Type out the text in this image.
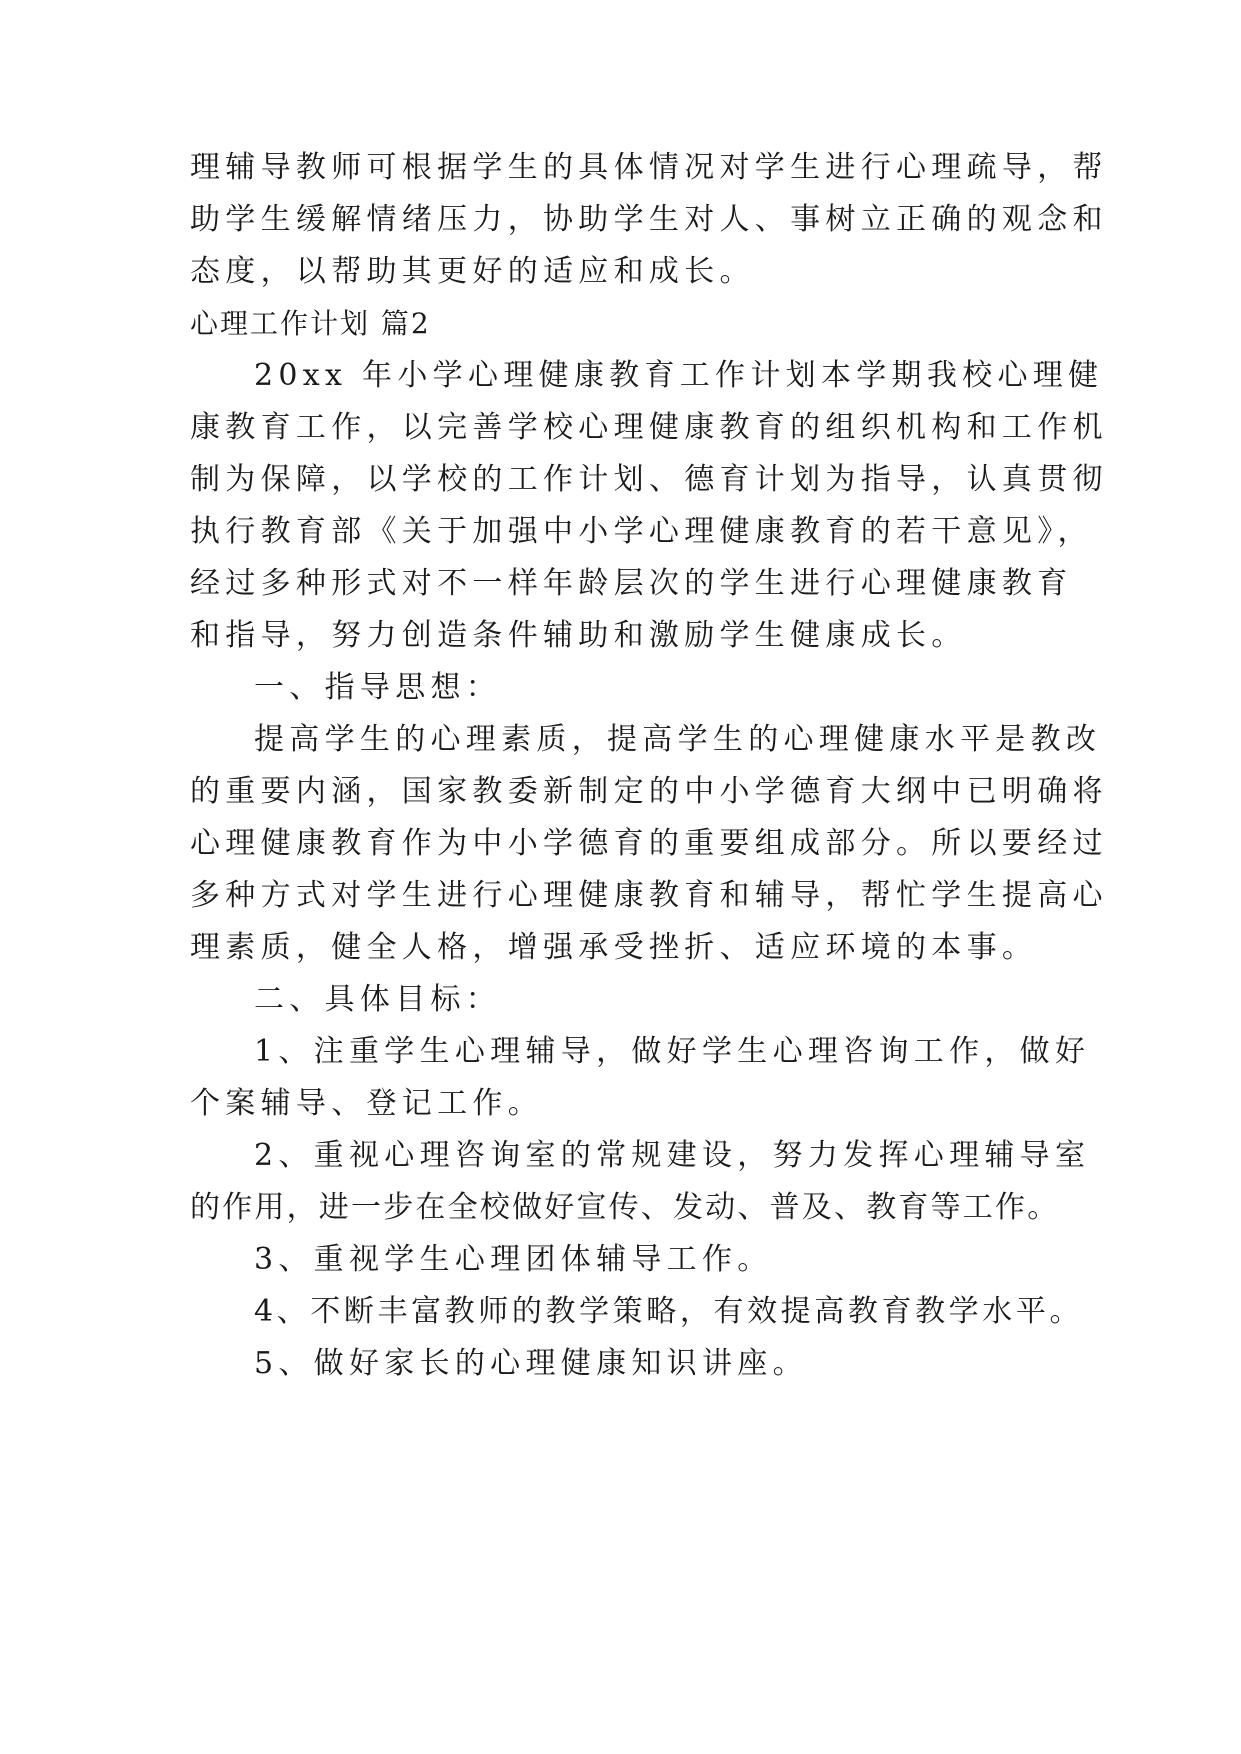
理辅导教师可根据学生的具体情况对学生进行心理疏导，帮
助学生缓解情绪压力，协助学生对人、事树立正确的观念和
态度，以帮助其更好的适应和成长。
心理工作计划 篇2
20xx 年小学心理健康教育工作计划本学期我校心理健
康教育工作，以完善学校心理健康教育的组织机构和工作机
制为保障，以学校的工作计划、德育计划为指导，认真贯彻
执行教育部《关于加强中小学心理健康教育的若干意见》，
经过多种形式对不一样年龄层次的学生进行心理健康教育
和指导，努力创造条件辅助和激励学生健康成长。
一、指导思想：
提高学生的心理素质，提高学生的心理健康水平是教改
的重要内涵，国家教委新制定的中小学德育大纲中已明确将
心理健康教育作为中小学德育的重要组成部分。所以要经过
多种方式对学生进行心理健康教育和辅导，帮忙学生提高心
理素质，健全人格，增强承受挫折、适应环境的本事。
二、具体目标：
1、注重学生心理辅导，做好学生心理咨询工作，做好
个案辅导、登记工作。
2、重视心理咨询室的常规建设，努力发挥心理辅导室
的作用，进一步在全校做好宣传、发动、普及、教育等工作。
3、重视学生心理团体辅导工作。
4、不断丰富教师的教学策略，有效提高教育教学水平。
5、做好家长的心理健康知识讲座。
